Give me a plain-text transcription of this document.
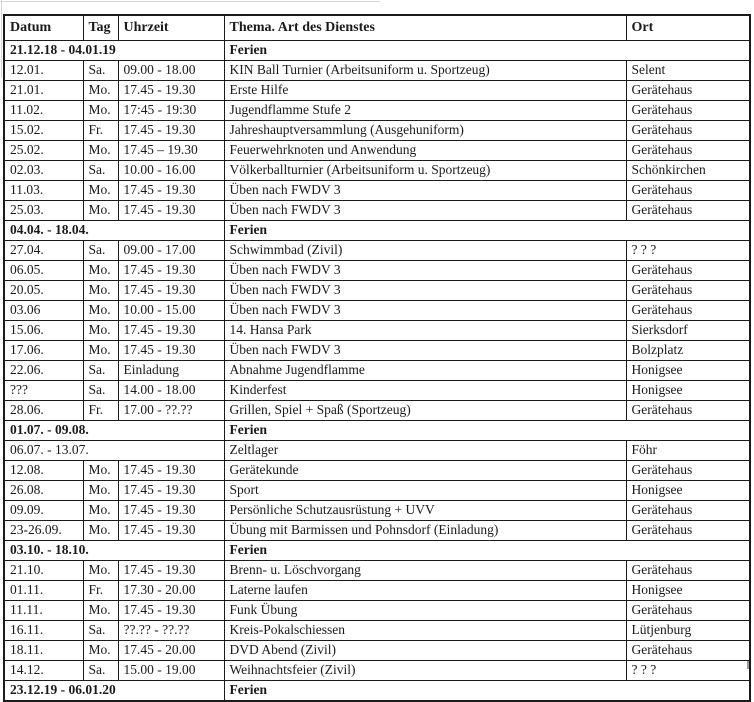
Datum	Tag	Uhrzeit	Thema. Art des Dienstes	Ort
21.12.18 - 04.01.19			Ferien	
12.01.	Sa.	09.00 - 18.00	KIN Ball Turnier (Arbeitsuniform u. Sportzeug)	Selent
21.01.	Mo.	17.45 - 19.30	Erste Hilfe	Gerätehaus
11.02.	Mo.	17:45 - 19:30	Jugendflamme Stufe 2	Gerätehaus
15.02.	Fr.	17.45 - 19.30	Jahreshauptversammlung (Ausgehuniform)	Gerätehaus
25.02.	Mo.	17.45 – 19.30	Feuerwehrknoten und Anwendung	Gerätehaus
02.03.	Sa.	10.00 - 16.00	Völkerballturnier (Arbeitsuniform u. Sportzeug)	Schönkirchen
11.03.	Mo.	17.45 - 19.30	Üben nach FWDV 3	Gerätehaus
25.03.	Mo.	17.45 - 19.30	Üben nach FWDV 3	Gerätehaus
04.04. - 18.04.			Ferien	
27.04.	Sa.	09.00 - 17.00	Schwimmbad (Zivil)	? ? ?
06.05.	Mo.	17.45 - 19.30	Üben nach FWDV 3	Gerätehaus
20.05.	Mo.	17.45 - 19.30	Üben nach FWDV 3	Gerätehaus
03.06	Mo.	10.00 - 15.00	Üben nach FWDV 3	Gerätehaus
15.06.	Mo.	17.45 - 19.30	14. Hansa Park	Sierksdorf
17.06.	Mo.	17.45 - 19.30	Üben nach FWDV 3	Bolzplatz
22.06.	Sa.	Einladung	Abnahme Jugendflamme	Honigsee
???	Sa.	14.00 - 18.00	Kinderfest	Honigsee
28.06.	Fr.	17.00 - ??.??	Grillen, Spiel + Spaß (Sportzeug)	Gerätehaus
01.07. - 09.08.			Ferien	
06.07. - 13.07.			Zeltlager	Föhr
12.08.	Mo.	17.45 - 19.30	Gerätekunde	Gerätehaus
26.08.	Mo.	17.45 - 19.30	Sport	Honigsee
09.09.	Mo.	17.45 - 19.30	Persönliche Schutzausrüstung + UVV	Gerätehaus
23-26.09.	Mo.	17.45 - 19.30	Übung mit Barmissen und Pohnsdorf (Einladung)	Gerätehaus
03.10. - 18.10.			Ferien	
21.10.	Mo.	17.45 - 19.30	Brenn- u. Löschvorgang	Gerätehaus
01.11.	Fr.	17.30 - 20.00	Laterne laufen	Honigsee
11.11.	Mo.	17.45 - 19.30	Funk Übung	Gerätehaus
16.11.	Sa.	??.?? - ??.??	Kreis-Pokalschiessen	Lütjenburg
18.11.	Mo.	17.45 - 20.00	DVD Abend (Zivil)	Gerätehaus
14.12.	Sa.	15.00 - 19.00	Weihnachtsfeier (Zivil)	? ? ?
23.12.19 - 06.01.20			Ferien	
